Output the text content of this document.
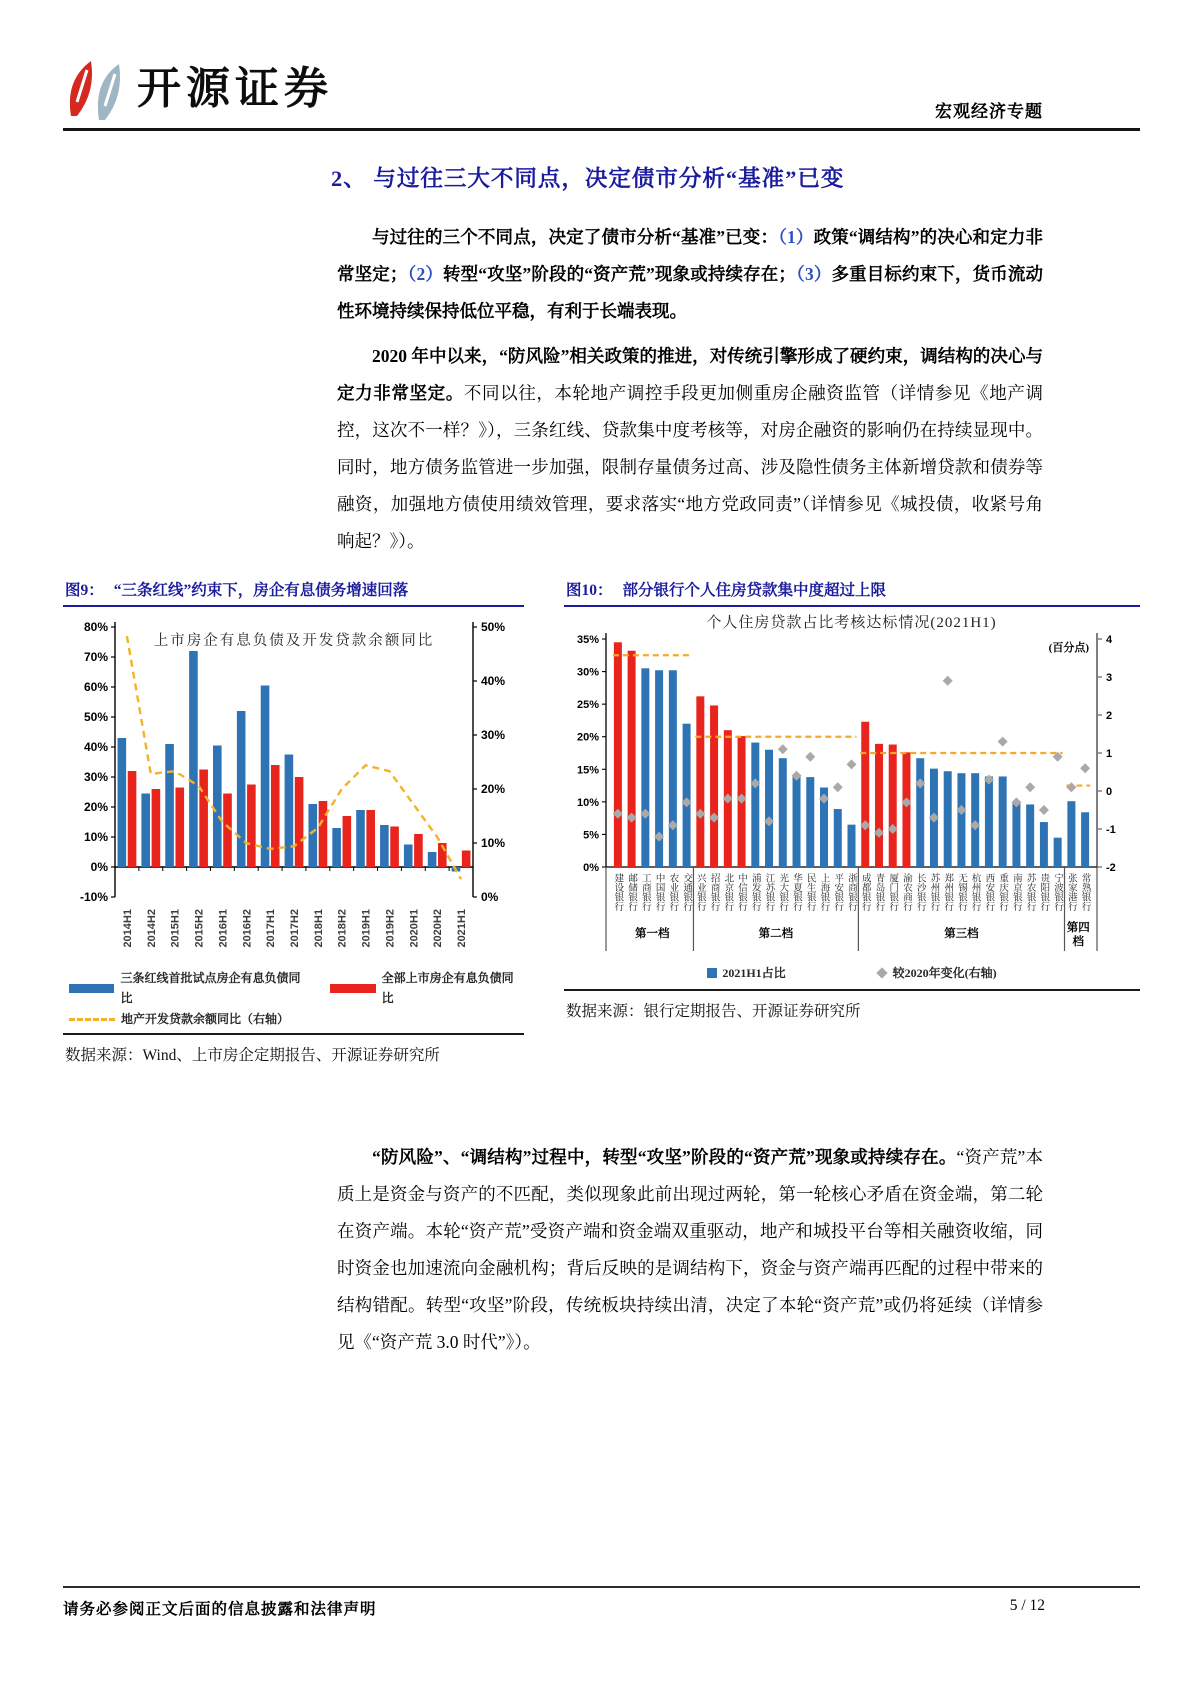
开源证券	宏观经济专题
2、 与过往三大不同点，决定债市分析“基准”已变

与过往的三个不同点，决定了债市分析“基准”已变：（1）政策“调结构”的决心和定力非常坚定；（2）转型“攻坚”阶段的“资产荒”现象或持续存在；（3）多重目标约束下，货币流动性环境持续保持低位平稳，有利于长端表现。

2020 年中以来，“防风险”相关政策的推进，对传统引擎形成了硬约束，调结构的决心与定力非常坚定。不同以往，本轮地产调控手段更加侧重房企融资监管（详情参见《地产调控，这次不一样？》），三条红线、贷款集中度考核等，对房企融资的影响仍在持续显现中。同时，地方债务监管进一步加强，限制存量债务过高、涉及隐性债务主体新增贷款和债券等融资，加强地方债使用绩效管理，要求落实“地方党政同责”（详情参见《城投债，收紧号角响起？》）。

图9： “三条红线”约束下，房企有息债务增速回落
上市房企有息负债及开发贷款余额同比
80%
70%
60%
50%
40%
30%
20%
10%
0%
-10%
50%
40%
30%
20%
10%
0%
2014H1 2014H2 2015H1 2015H2 2016H1 2016H2 2017H1 2017H2 2018H1 2018H2 2019H1 2019H2 2020H1 2020H2 2021H1
三条红线首批试点房企有息负债同比
全部上市房企有息负债同比
地产开发贷款余额同比（右轴）
数据来源：Wind、上市房企定期报告、开源证券研究所
图10： 部分银行个人住房贷款集中度超过上限
个人住房贷款占比考核达标情况(2021H1)
35%
30%
25%
20%
15%
10%
5%
0%
4
3
2
1
0
-1
-2
(百分点)
建设银行 邮储银行 工商银行 中国银行 农业银行 交通银行 兴业银行 招商银行 北京银行 中信银行 浦发银行 江苏银行 光大银行 华夏银行 民生银行 上海银行 平安银行 浙商银行 成都银行 青岛银行 厦门银行 渝农商行 长沙银行 苏州银行 郑州银行 无锡银行 杭州银行 西安银行 重庆银行 南京银行 苏农银行 贵阳银行 宁波银行 张家港行 常熟银行
第一档	第二档	第三档	第四档
2021H1占比	较2020年变化(右轴)
数据来源：银行定期报告、开源证券研究所

“防风险”、“调结构”过程中，转型“攻坚”阶段的“资产荒”现象或持续存在。“资产荒”本质上是资金与资产的不匹配，类似现象此前出现过两轮，第一轮核心矛盾在资金端，第二轮在资产端。本轮“资产荒”受资产端和资金端双重驱动，地产和城投平台等相关融资收缩，同时资金也加速流向金融机构；背后反映的是调结构下，资金与资产端再匹配的过程中带来的结构错配。转型“攻坚”阶段，传统板块持续出清，决定了本轮“资产荒”或仍将延续（详情参见《“资产荒 3.0 时代”》）。

请务必参阅正文后面的信息披露和法律声明	5 / 12
